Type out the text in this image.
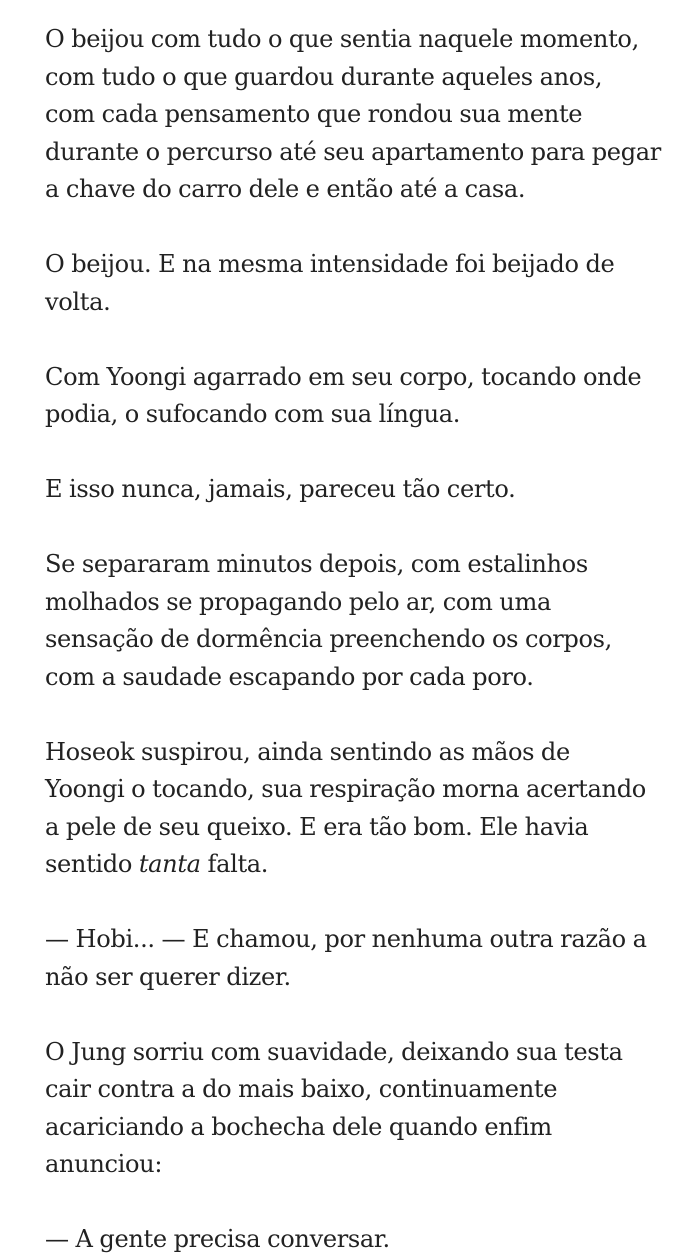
O beijou com tudo o que sentia naquele momento,
com tudo o que guardou durante aqueles anos,
com cada pensamento que rondou sua mente
durante o percurso até seu apartamento para pegar
a chave do carro dele e então até a casa.

O beijou. E na mesma intensidade foi beijado de
volta.

Com Yoongi agarrado em seu corpo, tocando onde
podia, o sufocando com sua língua.

E isso nunca, jamais, pareceu tão certo.

Se separaram minutos depois, com estalinhos
molhados se propagando pelo ar, com uma
sensação de dormência preenchendo os corpos,
com a saudade escapando por cada poro.

Hoseok suspirou, ainda sentindo as mãos de
Yoongi o tocando, sua respiração morna acertando
a pele de seu queixo. E era tão bom. Ele havia
sentido tanta falta.

— Hobi... — E chamou, por nenhuma outra razão a
não ser querer dizer.

O Jung sorriu com suavidade, deixando sua testa
cair contra a do mais baixo, continuamente
acariciando a bochecha dele quando enfim
anunciou:

— A gente precisa conversar.
